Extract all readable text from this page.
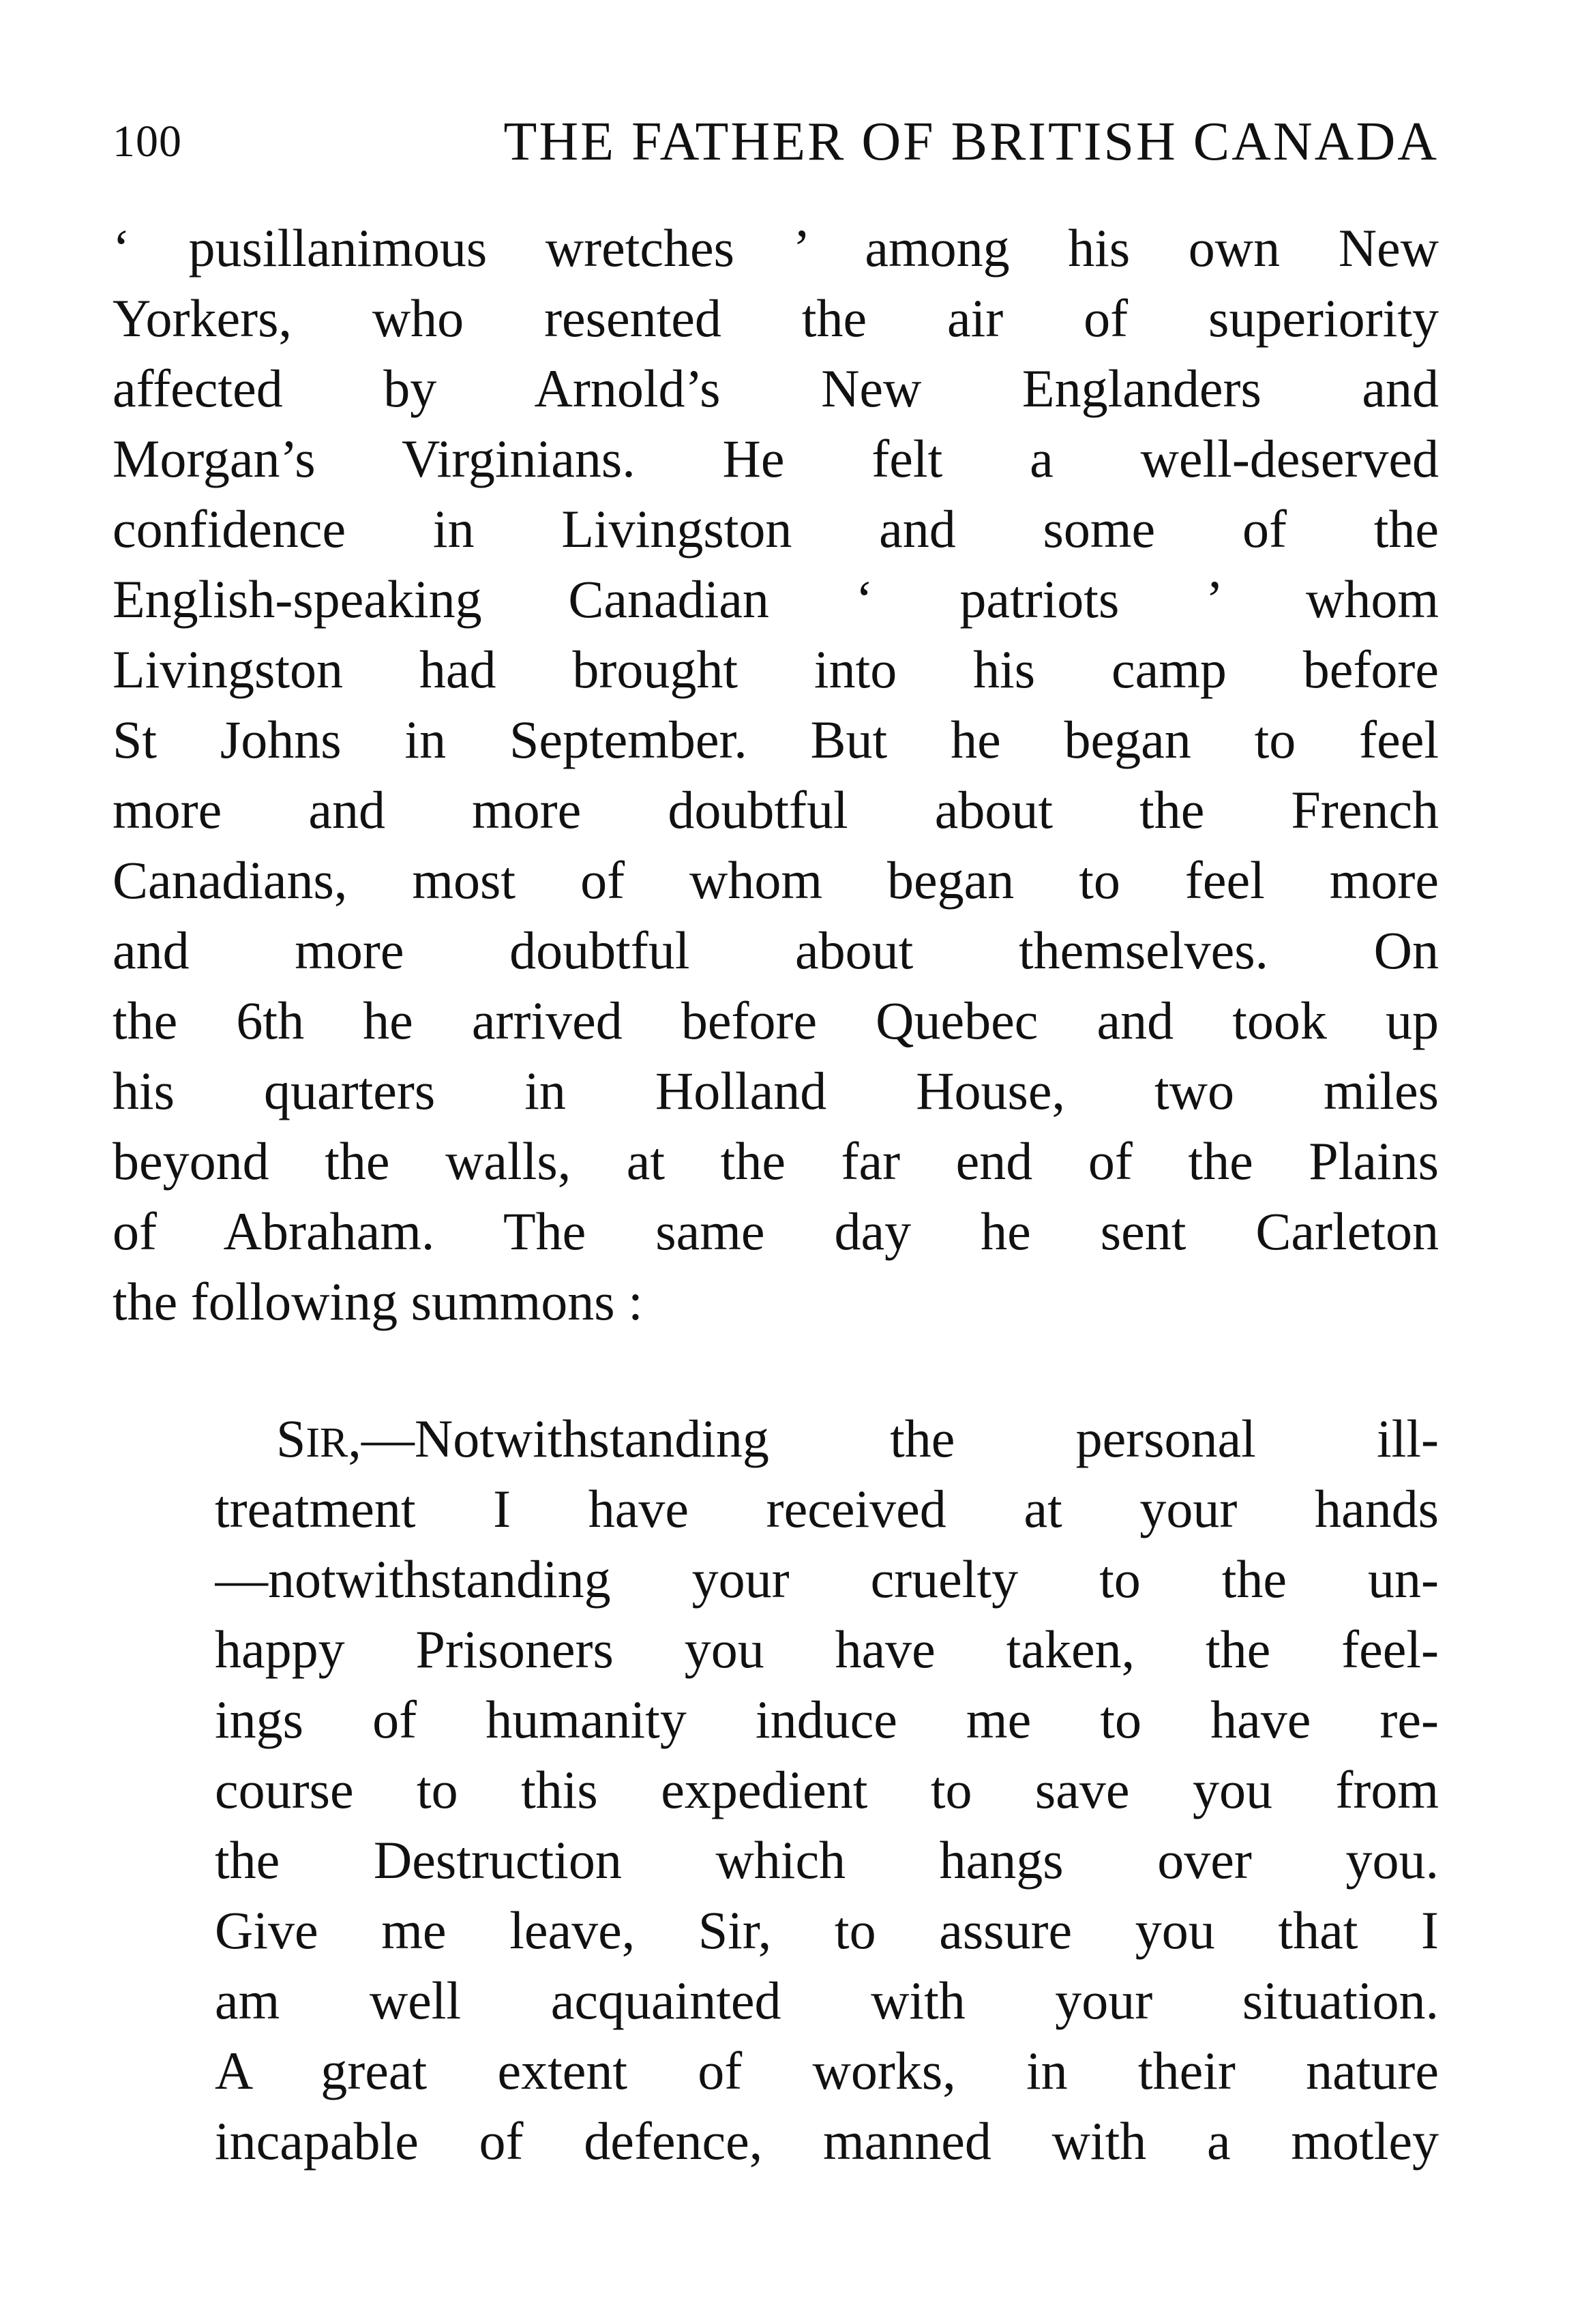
100	THE FATHER OF BRITISH CANADA
‘ pusillanimous wretches ’ among his own New
Yorkers, who resented the air of superiority
affected by Arnold’s New Englanders and
Morgan’s Virginians. He felt a well-deserved
confidence in Livingston and some of the
English-speaking Canadian ‘ patriots ’ whom
Livingston had brought into his camp before
St Johns in September. But he began to feel
more and more doubtful about the French
Canadians, most of whom began to feel more
and more doubtful about themselves. On
the 6th he arrived before Quebec and took up
his quarters in Holland House, two miles
beyond the walls, at the far end of the Plains
of Abraham. The same day he sent Carleton
the following summons :
SIR,—Notwithstanding the personal ill-
treatment I have received at your hands
—notwithstanding your cruelty to the un-
happy Prisoners you have taken, the feel-
ings of humanity induce me to have re-
course to this expedient to save you from
the Destruction which hangs over you.
Give me leave, Sir, to assure you that I
am well acquainted with your situation.
A great extent of works, in their nature
incapable of defence, manned with a motley
